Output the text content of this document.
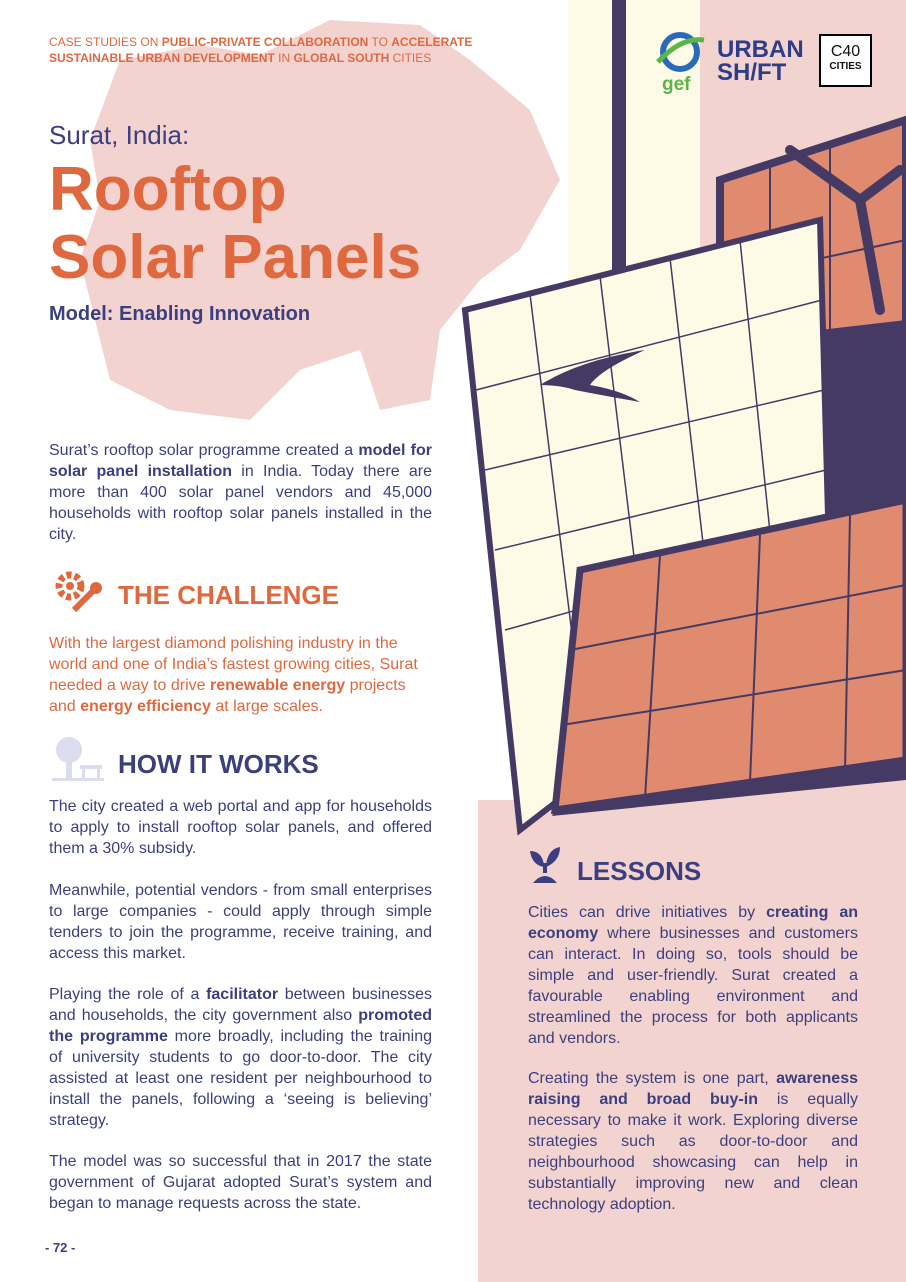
CASE STUDIES ON PUBLIC-PRIVATE COLLABORATION TO ACCELERATE
SUSTAINABLE URBAN DEVELOPMENT IN GLOBAL SOUTH CITIES
gef
URBAN
SH/FT
C40
CITIES
Surat, India:
Rooftop
Solar Panels
Model: Enabling Innovation
Surat’s rooftop solar programme created a model for solar panel installation in India. Today there are more than 400 solar panel vendors and 45,000 households with rooftop solar panels installed in the city.
THE CHALLENGE
With the largest diamond polishing industry in the world and one of India’s fastest growing cities, Surat needed a way to drive renewable energy projects and energy efficiency at large scales.
HOW IT WORKS
The city created a web portal and app for households to apply to install rooftop solar panels, and offered them a 30% subsidy.
Meanwhile, potential vendors - from small enterprises to large companies - could apply through simple tenders to join the programme, receive training, and access this market.
Playing the role of a facilitator between businesses and households, the city government also promoted the programme more broadly, including the training of university students to go door-to-door. The city assisted at least one resident per neighbourhood to install the panels, following a ‘seeing is believing’ strategy.
The model was so successful that in 2017 the state government of Gujarat adopted Surat’s system and began to manage requests across the state.
LESSONS
Cities can drive initiatives by creating an economy where businesses and customers can interact. In doing so, tools should be simple and user-friendly. Surat created a favourable enabling environment and streamlined the process for both applicants and vendors.
Creating the system is one part, awareness raising and broad buy-in is equally necessary to make it work. Exploring diverse strategies such as door-to-door and neighbourhood showcasing can help in substantially improving new and clean technology adoption.
- 72 -
